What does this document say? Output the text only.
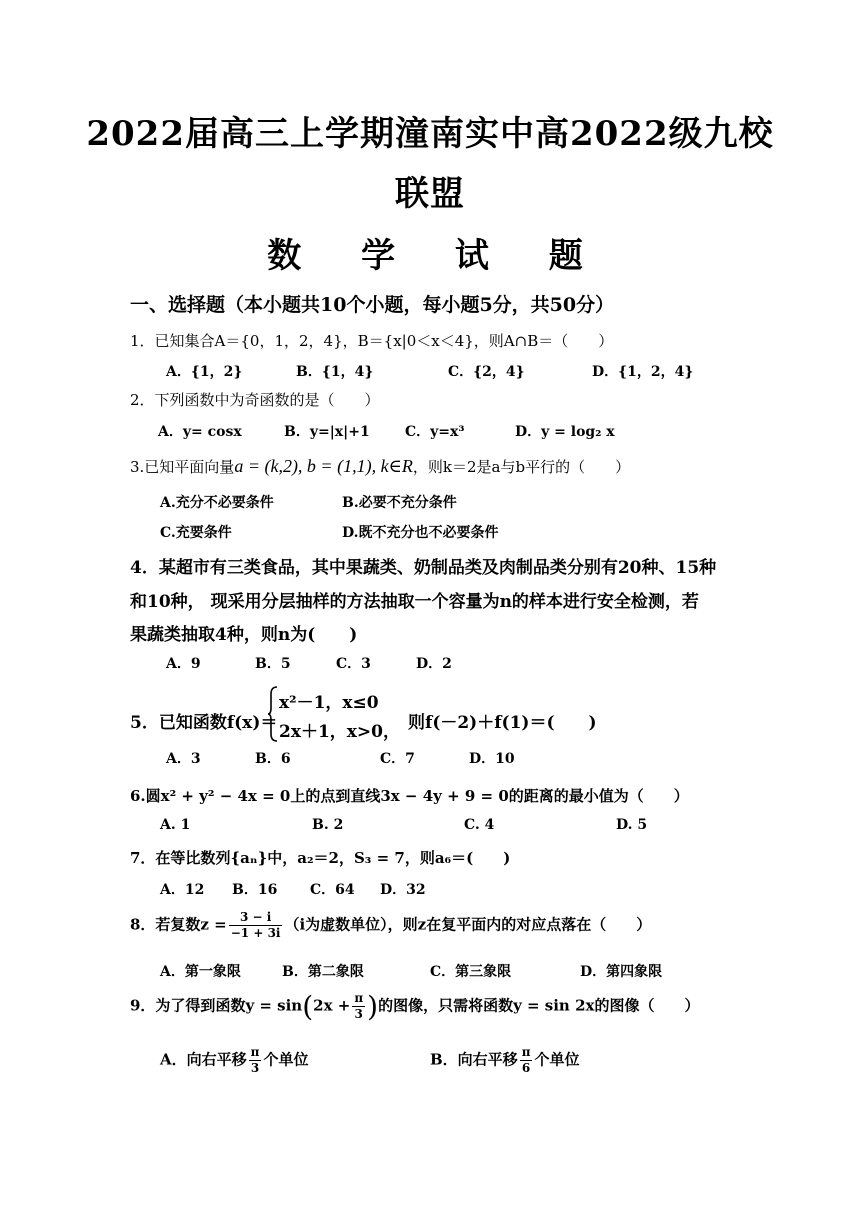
2022届高三上学期潼南实中高2022级九校
联盟
数 学 试 题
一、选择题（本小题共10个小题，每小题5分，共50分）
1．已知集合A＝{0，1，2，4}，B＝{x|0＜x＜4}，则A∩B＝（　　）
A．{1，2}	B．{1，4}	C．{2，4}	D．{1，2，4}
2．下列函数中为奇函数的是（　　）
A．y= cosx	B．y=|x|+1	C．y=x³	D．y = log₂ x
3.已知平面向量a = (k,2), b = (1,1), k∈R，则k＝2是a与b平行的（　　）
A.充分不必要条件	B.必要不充分条件
C.充要条件	D.既不充分也不必要条件
4．某超市有三类食品，其中果蔬类、奶制品类及肉制品类分别有20种、15种
和10种， 现采用分层抽样的方法抽取一个容量为n的样本进行安全检测，若
果蔬类抽取4种，则n为(　　)
A．9	B．5	C．3	D．2
5．已知函数f(x)＝
x²－1，x≤0
2x＋1，x>0， 则f(－2)＋f(1)＝(　　)
A．3	B．6	C．7	D．10
6.圆x² + y² − 4x = 0上的点到直线3x − 4y + 9 = 0的距离的最小值为（　　）
A. 1	B. 2	C. 4	D. 5
7．在等比数列{aₙ}中，a₂＝2，S₃ = 7，则a₆＝(　　)
A．12 B．16 C．64 D．32
8．若复数$z = \frac{3 - i}{-1 + 3i} (i$为虚数单位），则z在复平面内的对应点落在（　　）
A．第一象限	B．第二象限	C．第三象限	D．第四象限
9．为了得到函数$y = \sin(2x + \frac{\pi}{3}$ )的图像，只需将函数y = sin 2x的图像（　　）
A．向右平移 $\frac{\pi}{3}$ 个单位	B．向右平移 $\frac{\pi}{6}$ 个单位
